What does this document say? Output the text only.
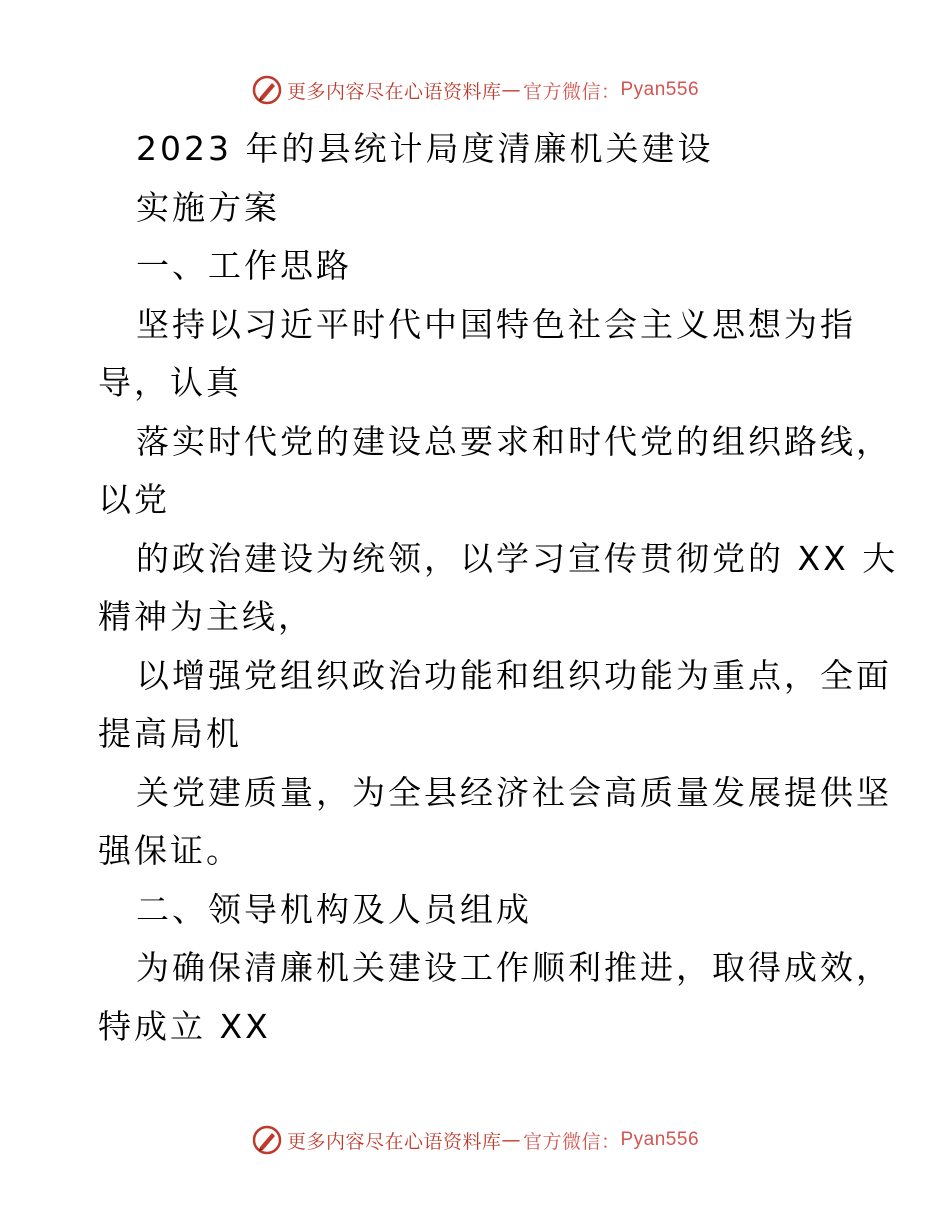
更多内容尽在心语资料库 — 官方微信： Pyan556
2023 年的县统计局度清廉机关建设
实施方案
一、工作思路
坚持以习近平时代中国特色社会主义思想为指
导，认真
落实时代党的建设总要求和时代党的组织路线，
以党
的政治建设为统领，以学习宣传贯彻党的 XX 大
精神为主线，
以增强党组织政治功能和组织功能为重点，全面
提高局机
关党建质量，为全县经济社会高质量发展提供坚
强保证。
二、领导机构及人员组成
为确保清廉机关建设工作顺利推进，取得成效，
特成立 XX
更多内容尽在心语资料库 — 官方微信： Pyan556
